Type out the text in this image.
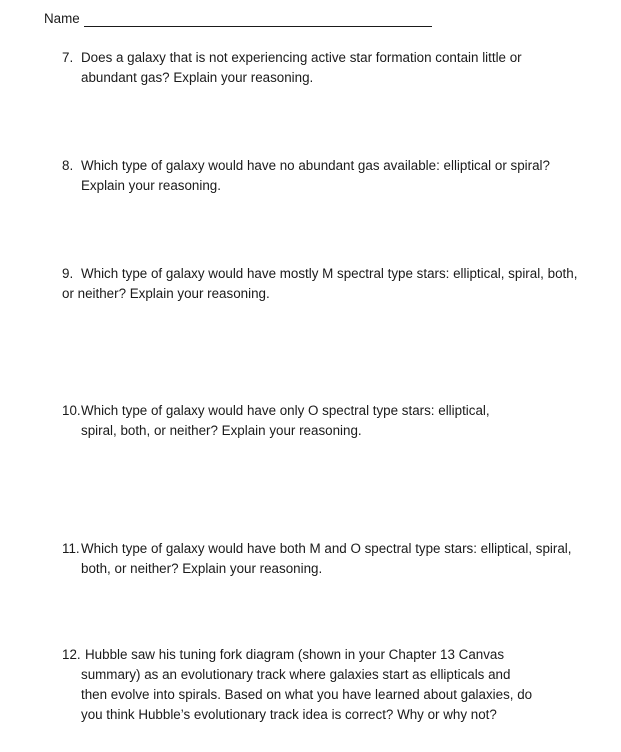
Name
7. Does a galaxy that is not experiencing active star formation contain little or
abundant gas? Explain your reasoning.
8. Which type of galaxy would have no abundant gas available: elliptical or spiral?
Explain your reasoning.
9. Which type of galaxy would have mostly M spectral type stars: elliptical, spiral, both,
or neither? Explain your reasoning.
10.Which type of galaxy would have only O spectral type stars: elliptical,
spiral, both, or neither? Explain your reasoning.
11.Which type of galaxy would have both M and O spectral type stars: elliptical, spiral,
both, or neither? Explain your reasoning.
12. Hubble saw his tuning fork diagram (shown in your Chapter 13 Canvas
summary) as an evolutionary track where galaxies start as ellipticals and
then evolve into spirals. Based on what you have learned about galaxies, do
you think Hubble’s evolutionary track idea is correct? Why or why not?
